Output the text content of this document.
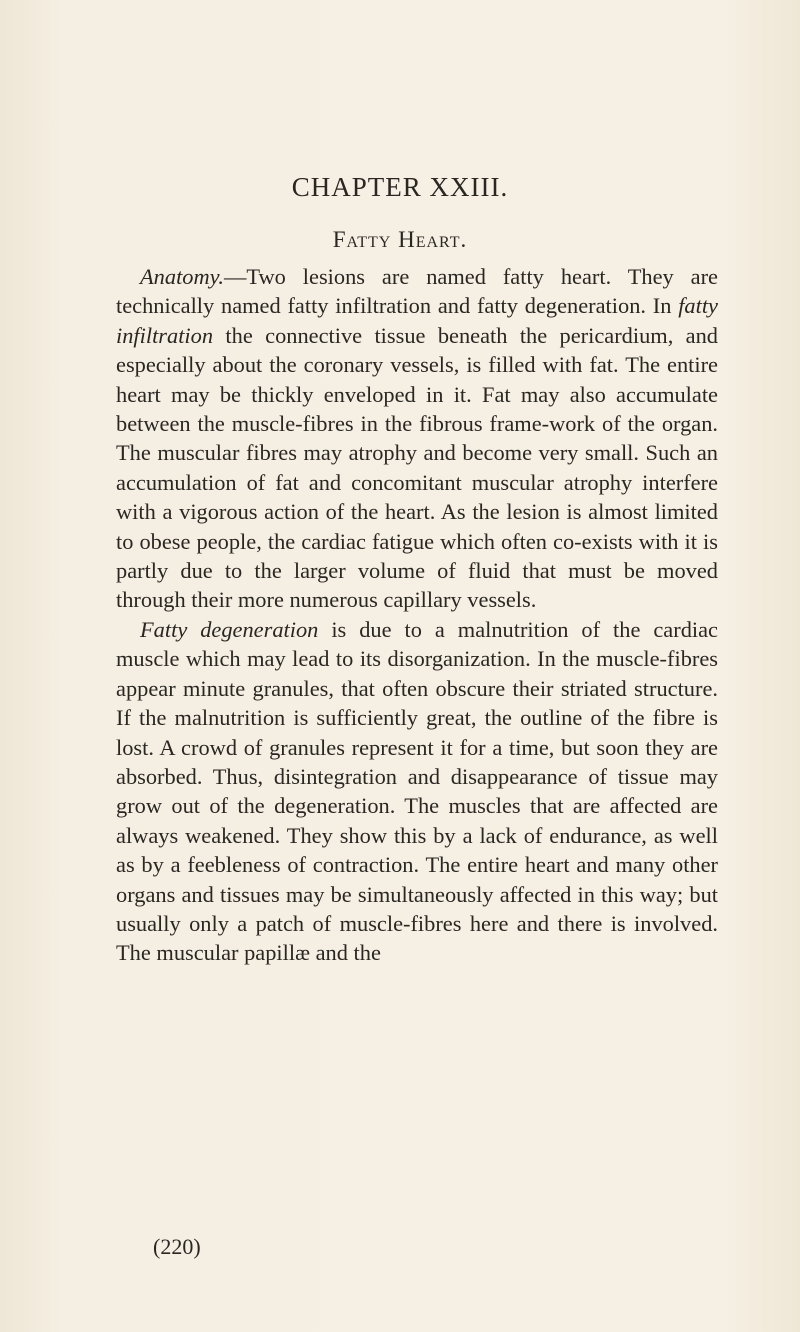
CHAPTER XXIII.
Fatty Heart.

Anatomy.—Two lesions are named fatty heart. They are technically named fatty infiltration and fatty degeneration. In fatty infiltration the connective tissue beneath the pericardium, and especially about the coronary vessels, is filled with fat. The entire heart may be thickly enveloped in it. Fat may also accumulate between the muscle-fibres in the fibrous frame-work of the organ. The muscular fibres may atrophy and become very small. Such an accumulation of fat and concomitant muscular atrophy interfere with a vigorous action of the heart. As the lesion is almost limited to obese people, the cardiac fatigue which often co-exists with it is partly due to the larger volume of fluid that must be moved through their more numerous capillary vessels.

Fatty degeneration is due to a malnutrition of the cardiac muscle which may lead to its disorganization. In the muscle-fibres appear minute granules, that often obscure their striated structure. If the malnutrition is sufficiently great, the outline of the fibre is lost. A crowd of granules represent it for a time, but soon they are absorbed. Thus, disintegration and disappearance of tissue may grow out of the degeneration. The muscles that are affected are always weakened. They show this by a lack of endurance, as well as by a feebleness of contraction. The entire heart and many other organs and tissues may be simultaneously affected in this way; but usually only a patch of muscle-fibres here and there is involved. The muscular papillæ and the

(220)
